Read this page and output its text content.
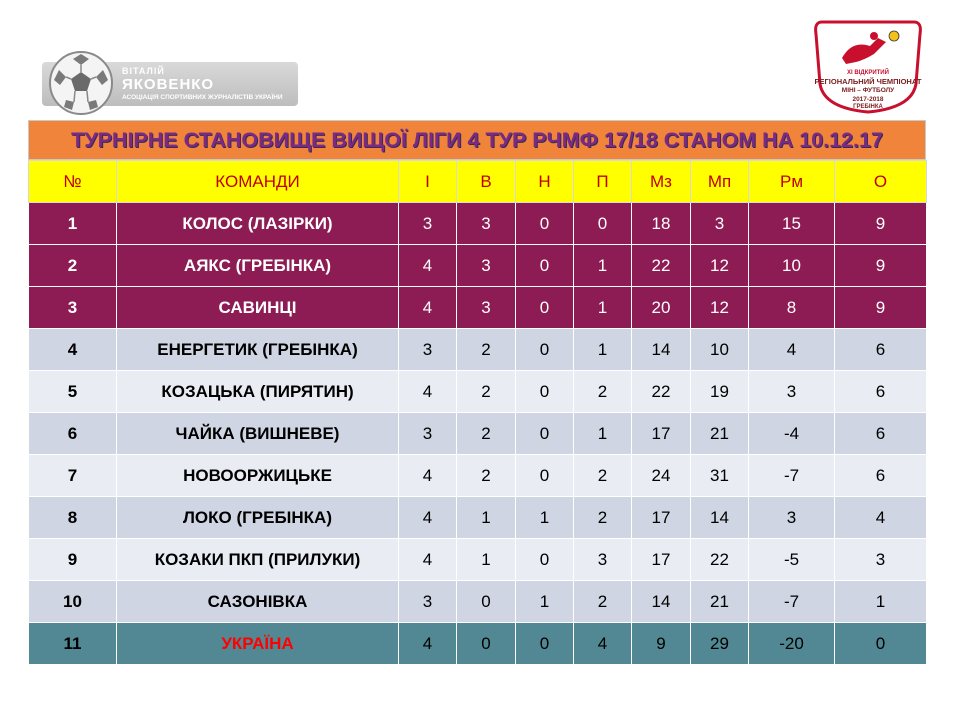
ВІТАЛІЙ
ЯКОВЕНКО
АСОЦІАЦІЯ СПОРТИВНИХ ЖУРНАЛІСТІВ УКРАЇНИ
XI ВІДКРИТИЙ
РЕГІОНАЛЬНИЙ ЧЕМПІОНАТ
МІНІ – ФУТБОЛУ
2017-2018
ГРЕБІНКА
ТУРНІРНЕ СТАНОВИЩЕ ВИЩОЇ ЛІГИ 4 ТУР РЧМФ 17/18 СТАНОМ НА 10.12.17
№	КОМАНДИ	І	В	Н	П	Мз	Мп	Рм	О
1	КОЛОС (ЛАЗІРКИ)	3	3	0	0	18	3	15	9
2	АЯКС (ГРЕБІНКА)	4	3	0	1	22	12	10	9
3	САВИНЦІ	4	3	0	1	20	12	8	9
4	ЕНЕРГЕТИК (ГРЕБІНКА)	3	2	0	1	14	10	4	6
5	КОЗАЦЬКА (ПИРЯТИН)	4	2	0	2	22	19	3	6
6	ЧАЙКА (ВИШНЕВЕ)	3	2	0	1	17	21	-4	6
7	НОВООРЖИЦЬКЕ	4	2	0	2	24	31	-7	6
8	ЛОКО (ГРЕБІНКА)	4	1	1	2	17	14	3	4
9	КОЗАКИ ПКП (ПРИЛУКИ)	4	1	0	3	17	22	-5	3
10	САЗОНІВКА	3	0	1	2	14	21	-7	1
11	УКРАЇНА	4	0	0	4	9	29	-20	0
